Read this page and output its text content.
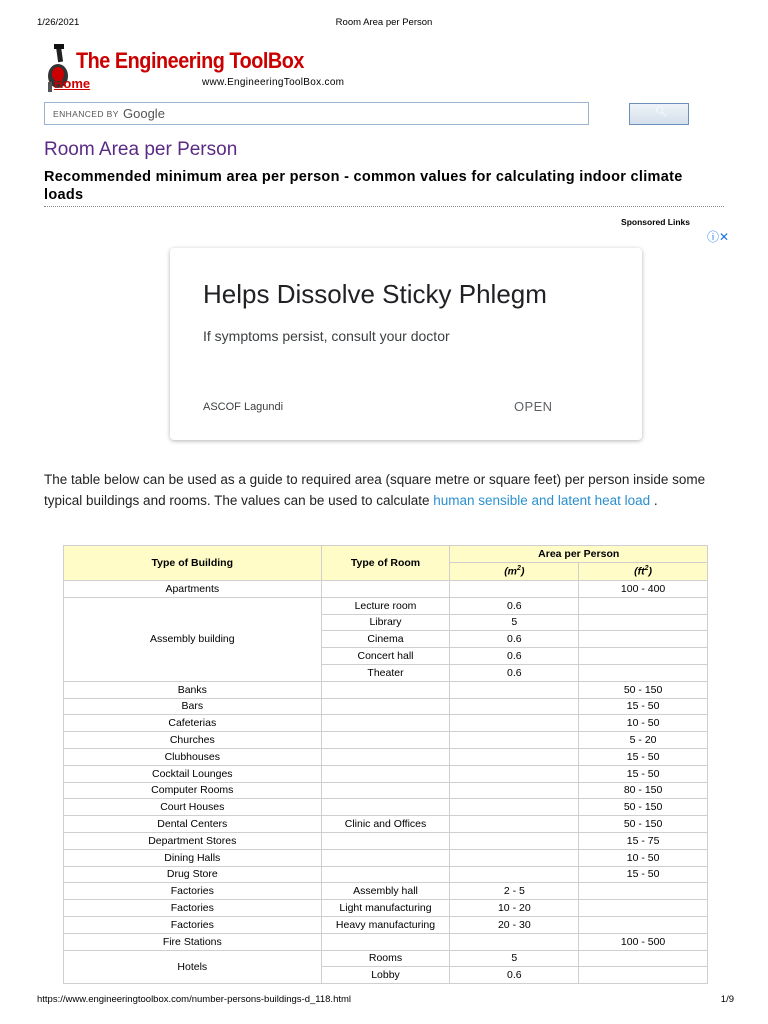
1/26/2021	Room Area per Person
The Engineering ToolBox
www.EngineeringToolBox.com
Home
ENHANCED BY Google	🔍︎
Room Area per Person

Recommended minimum area per person - common values for calculating indoor climate loads

Sponsored Links
ⓘ✕
Helps Dissolve Sticky Phlegm
If symptoms persist, consult your doctor
ASCOF Lagundi	OPEN

The table below can be used as a guide to required area (square metre or square feet) per person inside some typical buildings and rooms. The values can be used to calculate human sensible and latent heat load .

Type of Building	Type of Room	Area per Person	
		$(m^2)$	$(ft^2)$
Apartments			100 - 400
Assembly building	Lecture room	0.6	
	Library	5	
	Cinema	0.6	
	Concert hall	0.6	
	Theater	0.6	
Banks			50 - 150
Bars			15 - 50
Cafeterias			10 - 50
Churches			5 - 20
Clubhouses			15 - 50
Cocktail Lounges			15 - 50
Computer Rooms			80 - 150
Court Houses			50 - 150
Dental Centers	Clinic and Offices		50 - 150
Department Stores			15 - 75
Dining Halls			10 - 50
Drug Store			15 - 50
Factories	Assembly hall	2 - 5	
Factories	Light manufacturing	10 - 20	
Factories	Heavy manufacturing	20 - 30	
Fire Stations			100 - 500
Hotels	Rooms	5	
	Lobby	0.6	
https://www.engineeringtoolbox.com/number-persons-buildings-d_118.html	1/9
